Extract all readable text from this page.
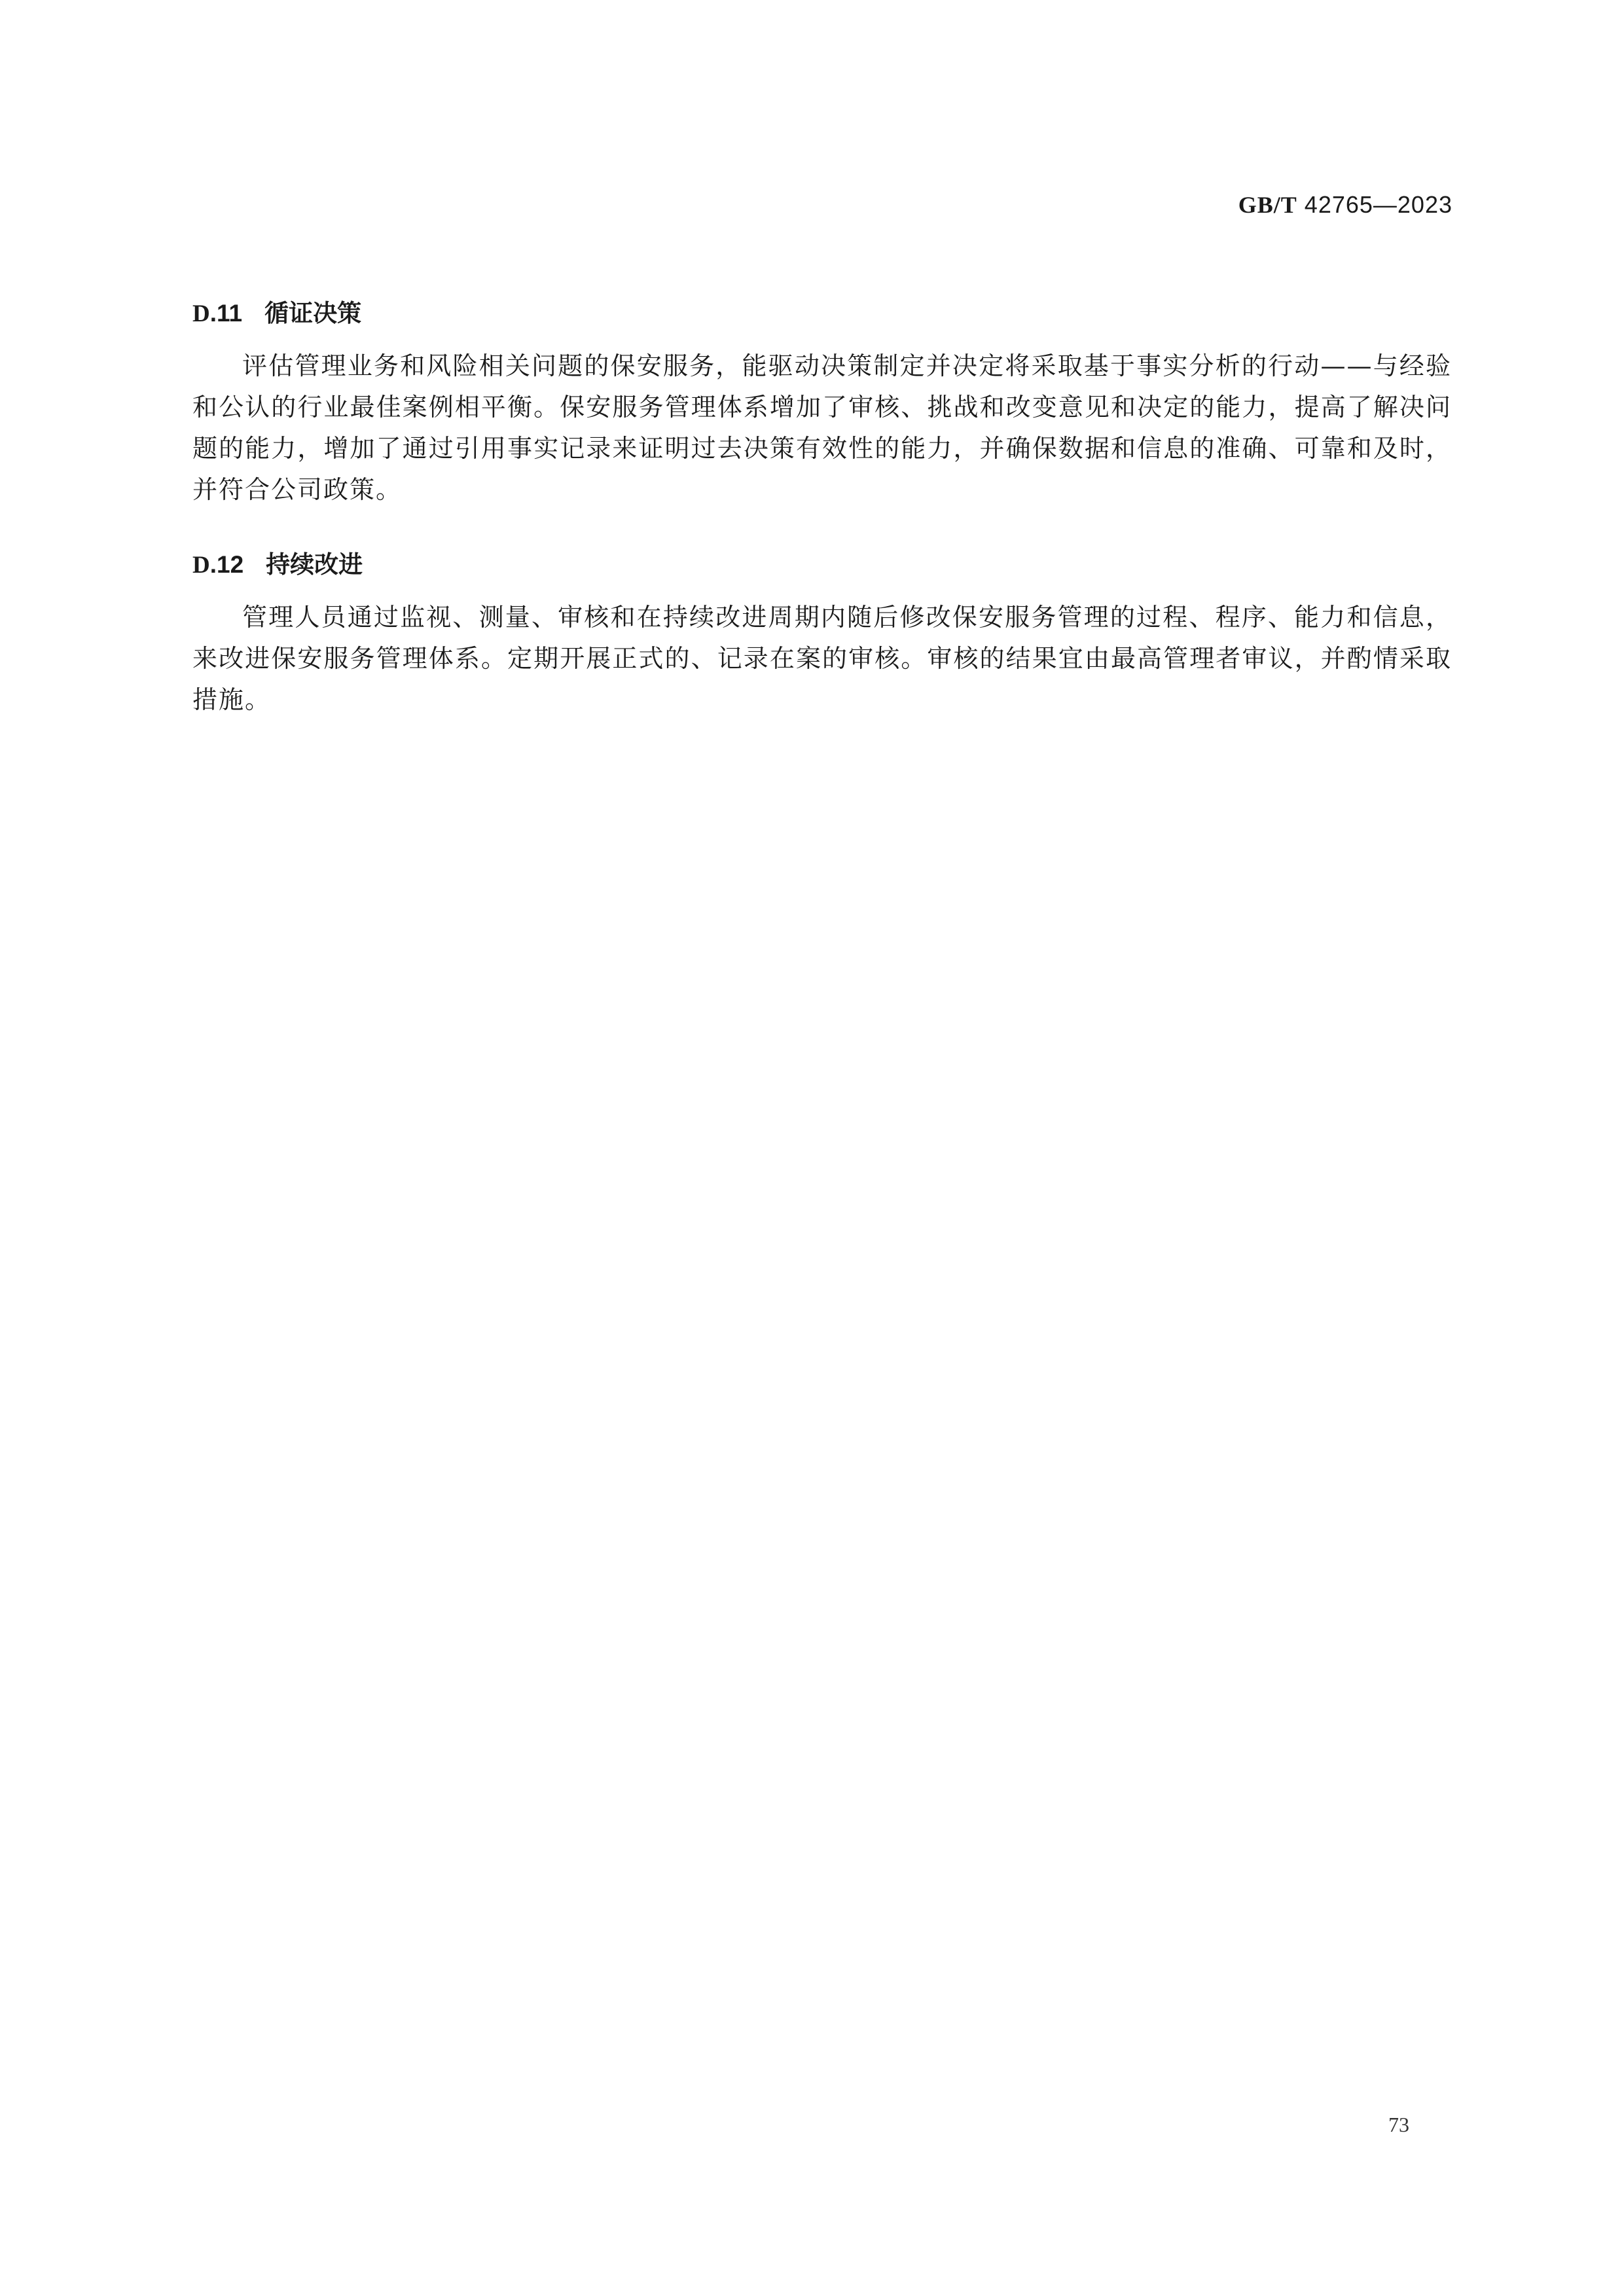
GB/T 42765—2023
D.11 循证决策

评估管理业务和风险相关问题的保安服务，能驱动决策制定并决定将采取基于事实分析的行动——与经验和公认的行业最佳案例相平衡。保安服务管理体系增加了审核、挑战和改变意见和决定的能力，提高了解决问题的能力，增加了通过引用事实记录来证明过去决策有效性的能力，并确保数据和信息的准确、可靠和及时，并符合公司政策。

D.12 持续改进

管理人员通过监视、测量、审核和在持续改进周期内随后修改保安服务管理的过程、程序、能力和信息，来改进保安服务管理体系。定期开展正式的、记录在案的审核。审核的结果宜由最高管理者审议，并酌情采取措施。

73
